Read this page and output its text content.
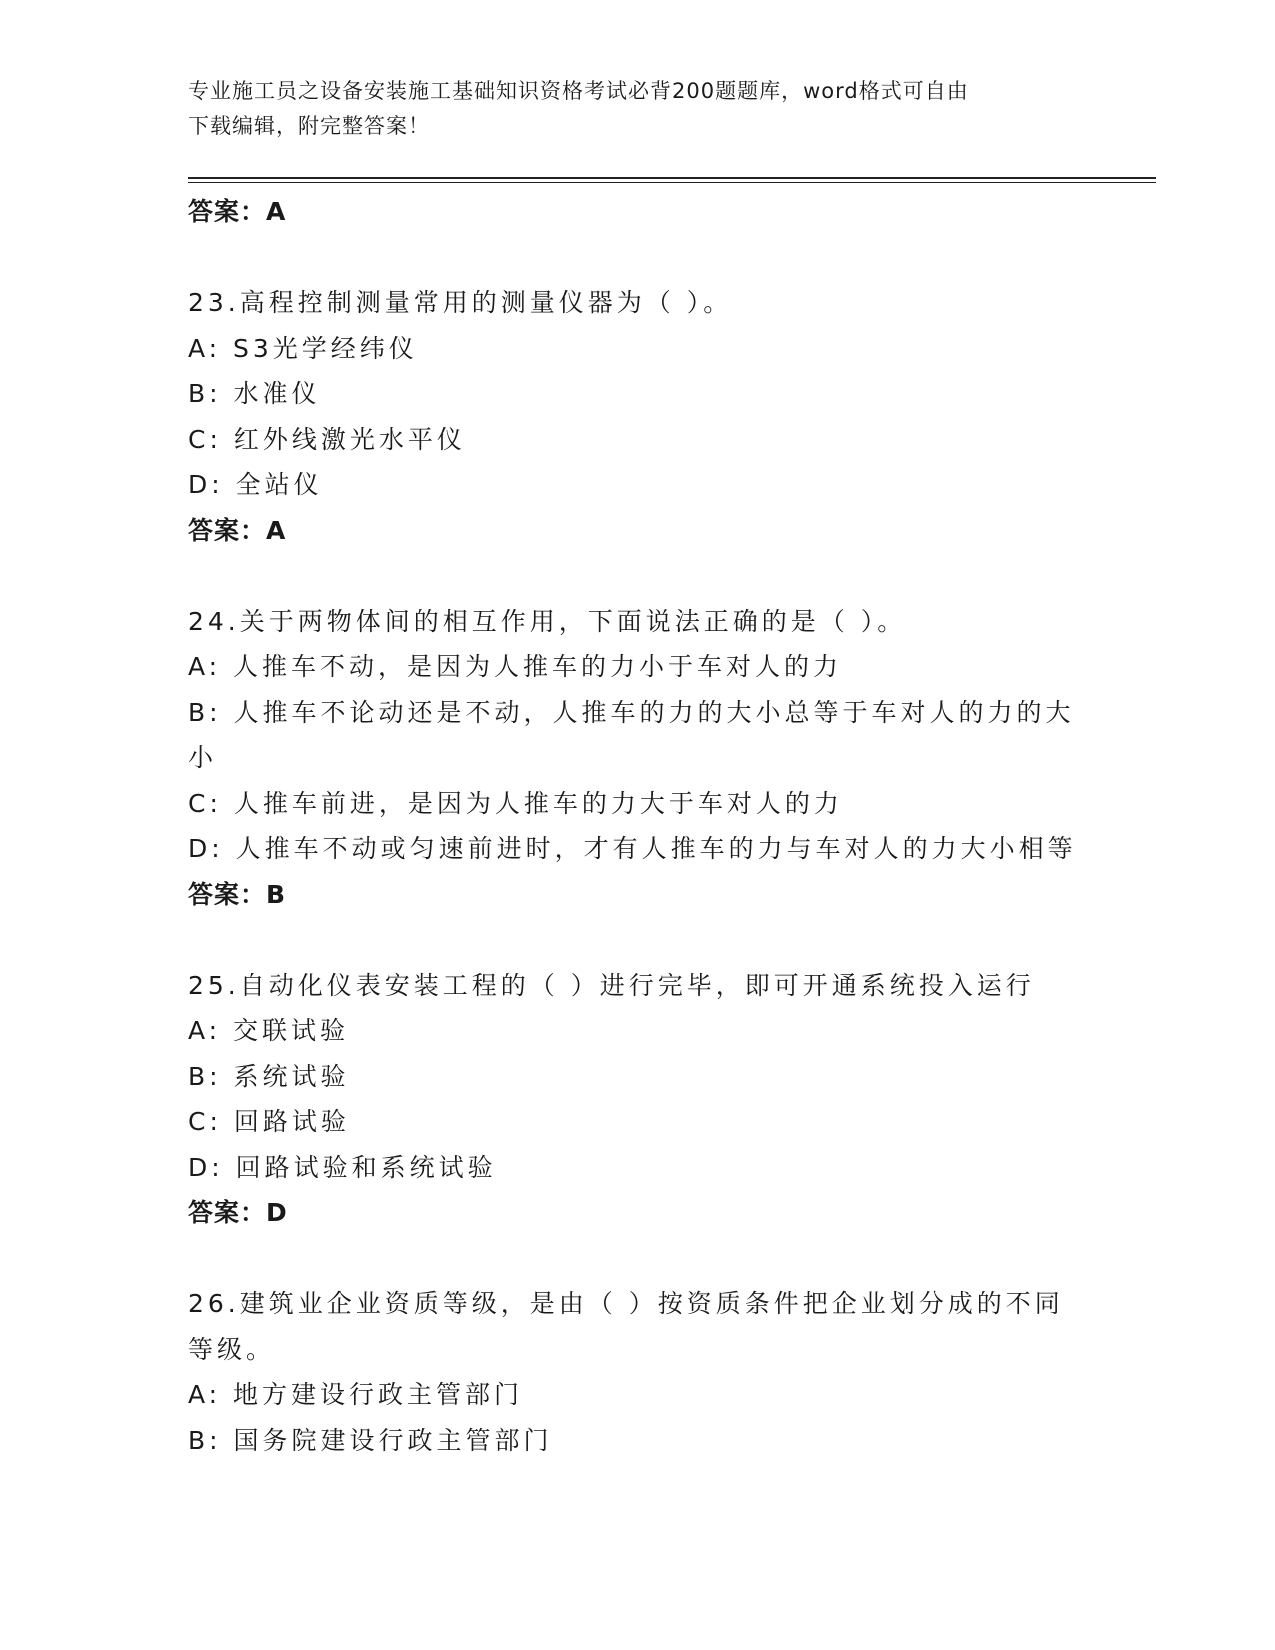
专业施工员之设备安装施工基础知识资格考试必背200题题库，word格式可自由
下载编辑，附完整答案！
答案：A
23.高程控制测量常用的测量仪器为（ ）。
A: S3光学经纬仪
B: 水准仪
C: 红外线激光水平仪
D: 全站仪
答案：A
24.关于两物体间的相互作用，下面说法正确的是（ ）。
A: 人推车不动，是因为人推车的力小于车对人的力
B: 人推车不论动还是不动，人推车的力的大小总等于车对人的力的大
小
C: 人推车前进，是因为人推车的力大于车对人的力
D: 人推车不动或匀速前进时，才有人推车的力与车对人的力大小相等
答案：B
25.自动化仪表安装工程的（ ）进行完毕，即可开通系统投入运行
A: 交联试验
B: 系统试验
C: 回路试验
D: 回路试验和系统试验
答案：D
26.建筑业企业资质等级，是由（ ）按资质条件把企业划分成的不同
等级。
A: 地方建设行政主管部门
B: 国务院建设行政主管部门
